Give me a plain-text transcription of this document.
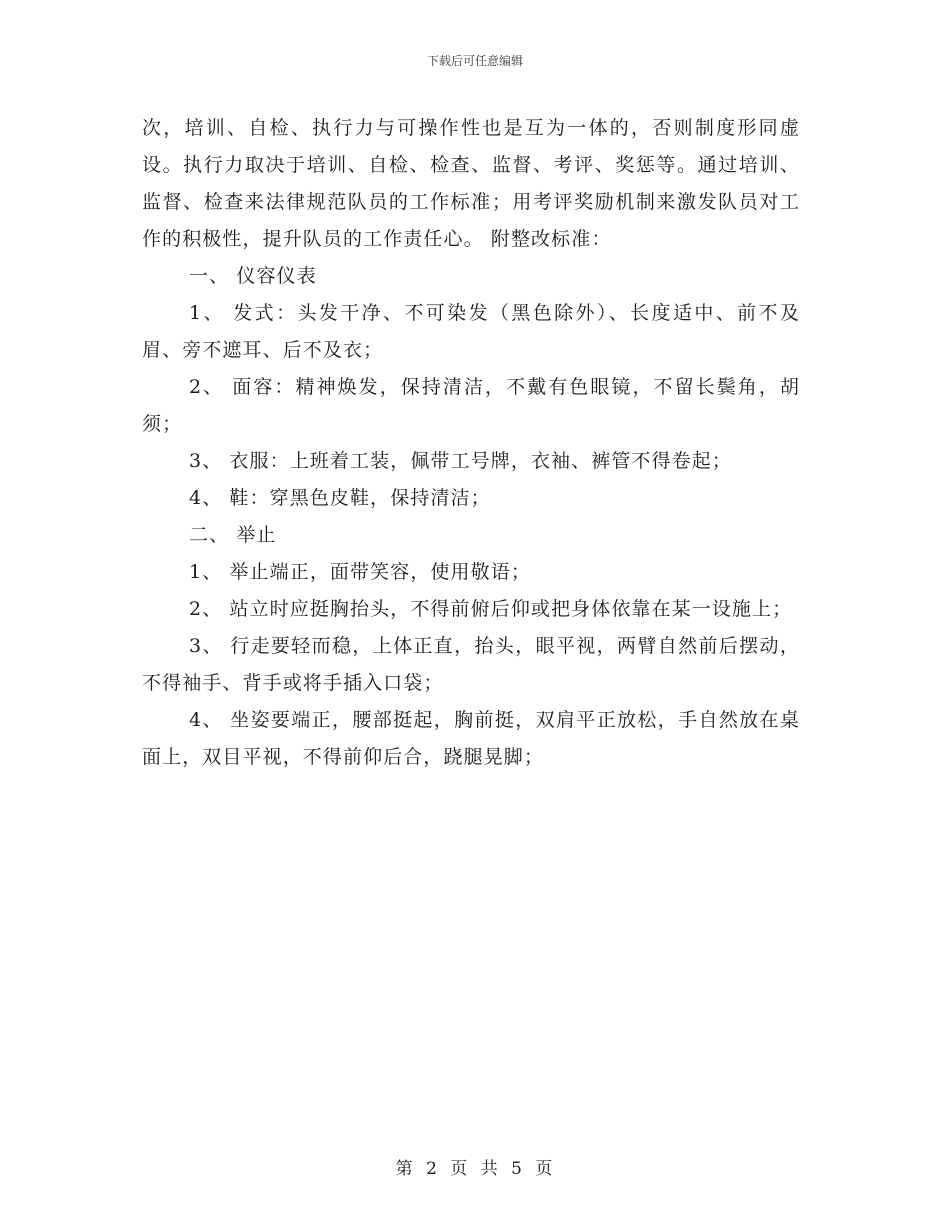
下载后可任意编辑

次，培训、自检、执行力与可操作性也是互为一体的，否则制度形同虚设。执行力取决于培训、自检、检查、监督、考评、奖惩等。通过培训、监督、检查来法律规范队员的工作标准；用考评奖励机制来激发队员对工作的积极性，提升队员的工作责任心。 附整改标准：

一、 仪容仪表

1、 发式：头发干净、不可染发（黑色除外）、长度适中、前不及眉、旁不遮耳、后不及衣；

2、 面容：精神焕发，保持清洁，不戴有色眼镜，不留长鬓角，胡须；

3、 衣服：上班着工装，佩带工号牌，衣袖、裤管不得卷起；

4、 鞋：穿黑色皮鞋，保持清洁；

二、 举止

1、 举止端正，面带笑容，使用敬语；

2、 站立时应挺胸抬头，不得前俯后仰或把身体依靠在某一设施上；

3、 行走要轻而稳，上体正直，抬头，眼平视，两臂自然前后摆动，不得袖手、背手或将手插入口袋；

4、 坐姿要端正，腰部挺起，胸前挺，双肩平正放松，手自然放在桌面上，双目平视，不得前仰后合，跷腿晃脚；

第 2 页 共 5 页
